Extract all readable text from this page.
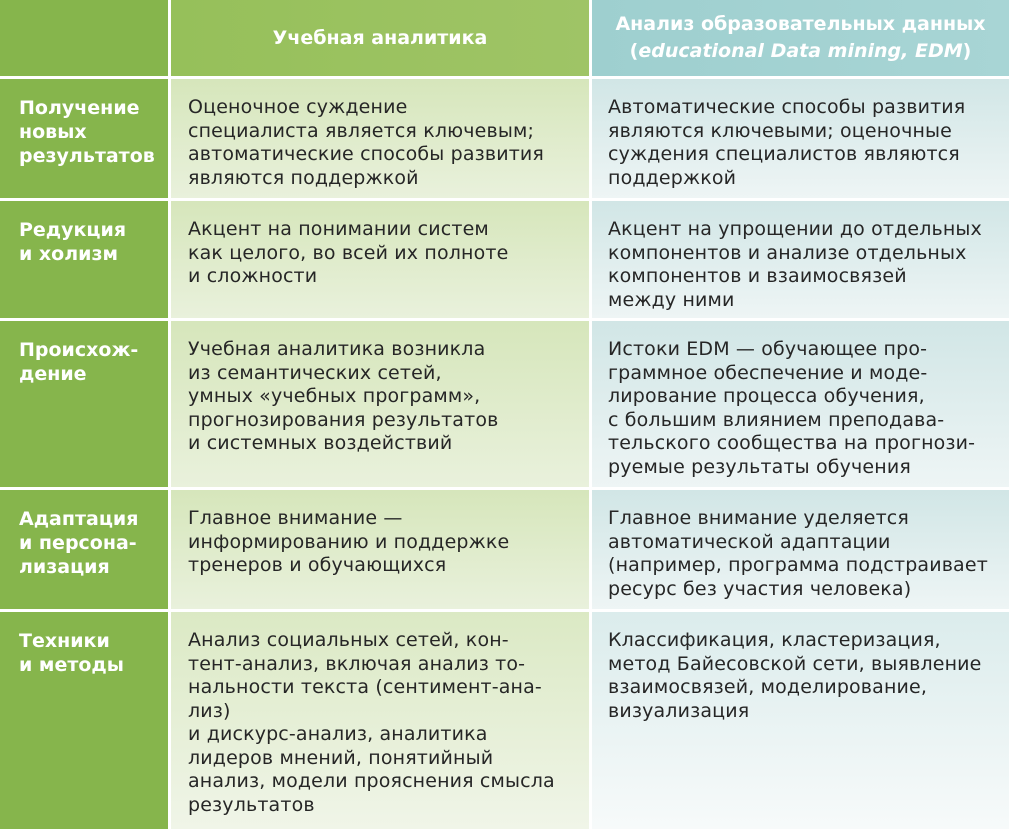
Учебная аналитика
Анализ образовательных данных
(educational Data mining, EDM)
Получение
новых
результатов
Оценочное суждение
специалиста является ключевым;
автоматические способы развития
являются поддержкой
Автоматические способы развития
являются ключевыми; оценочные
суждения специалистов являются
поддержкой
Редукция
и холизм
Акцент на понимании систем
как целого, во всей их полноте
и сложности
Акцент на упрощении до отдельных
компонентов и анализе отдельных
компонентов и взаимосвязей
между ними
Происхож-
дение
Учебная аналитика возникла
из семантических сетей,
умных «учебных программ»,
прогнозирования результатов
и системных воздействий
Истоки EDM — обучающее про-
граммное обеспечение и моде-
лирование процесса обучения,
с большим влиянием преподава-
тельского сообщества на прогнози-
руемые результаты обучения
Адаптация
и персона-
лизация
Главное внимание —
информированию и поддержке
тренеров и обучающихся
Главное внимание уделяется
автоматической адаптации
(например, программа подстраивает
ресурс без участия человека)
Техники
и методы
Анализ социальных сетей, кон-
тент-анализ, включая анализ то-
нальности текста (сентимент-ана-
лиз)
и дискурс-анализ, аналитика
лидеров мнений, понятийный
анализ, модели прояснения смысла
результатов
Классификация, кластеризация,
метод Байесовской сети, выявление
взаимосвязей, моделирование,
визуализация
